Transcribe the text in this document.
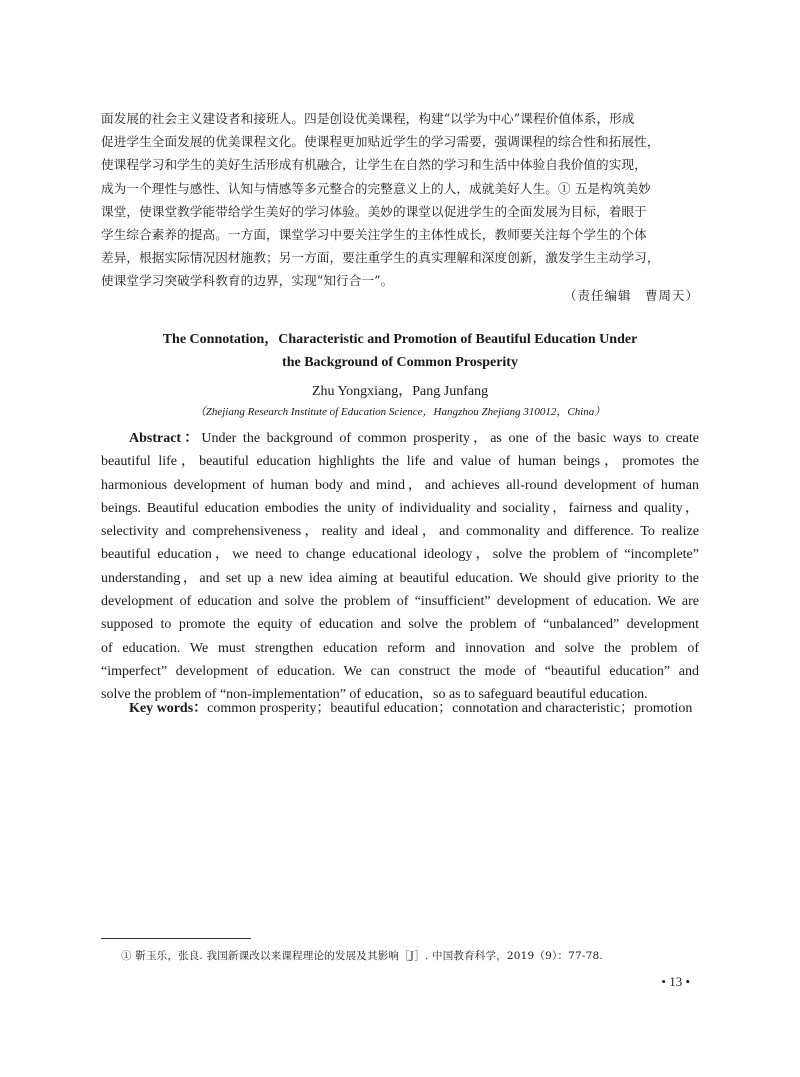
面发展的社会主义建设者和接班人。四是创设优美课程，构建“以学为中心”课程价值体系，形成
促进学生全面发展的优美课程文化。使课程更加贴近学生的学习需要，强调课程的综合性和拓展性，
使课程学习和学生的美好生活形成有机融合，让学生在自然的学习和生活中体验自我价值的实现，
成为一个理性与感性、认知与情感等多元整合的完整意义上的人，成就美好人生。① 五是构筑美妙
课堂，使课堂教学能带给学生美好的学习体验。美妙的课堂以促进学生的全面发展为目标，着眼于
学生综合素养的提高。一方面，课堂学习中要关注学生的主体性成长，教师要关注每个学生的个体
差异，根据实际情况因材施教；另一方面，要注重学生的真实理解和深度创新，激发学生主动学习，
使课堂学习突破学科教育的边界，实现“知行合一”。
（责任编辑　曹周天）
The Connotation，Characteristic and Promotion of Beautiful Education Under
the Background of Common Prosperity
Zhu Yongxiang，Pang Junfang
（Zhejiang Research Institute of Education Science，Hangzhou Zhejiang 310012，China）
Abstract：Under the background of common prosperity，as one of the basic ways to create
beautiful life，beautiful education highlights the life and value of human beings，promotes the
harmonious development of human body and mind，and achieves all-round development of human
beings. Beautiful education embodies the unity of individuality and sociality，fairness and quality，
selectivity and comprehensiveness，reality and ideal，and commonality and difference. To realize
beautiful education，we need to change educational ideology，solve the problem of “incomplete”
understanding，and set up a new idea aiming at beautiful education. We should give priority to the
development of education and solve the problem of “insufficient” development of education. We are
supposed to promote the equity of education and solve the problem of “unbalanced” development
of education. We must strengthen education reform and innovation and solve the problem of
“imperfect” development of education. We can construct the mode of “beautiful education” and
solve the problem of “non-implementation” of education，so as to safeguard beautiful education.
Key words：common prosperity；beautiful education；connotation and characteristic；promotion
① 靳玉乐，张良. 我国新课改以来课程理论的发展及其影响［J］. 中国教育科学，2019（9）：77-78.
• 13 •
